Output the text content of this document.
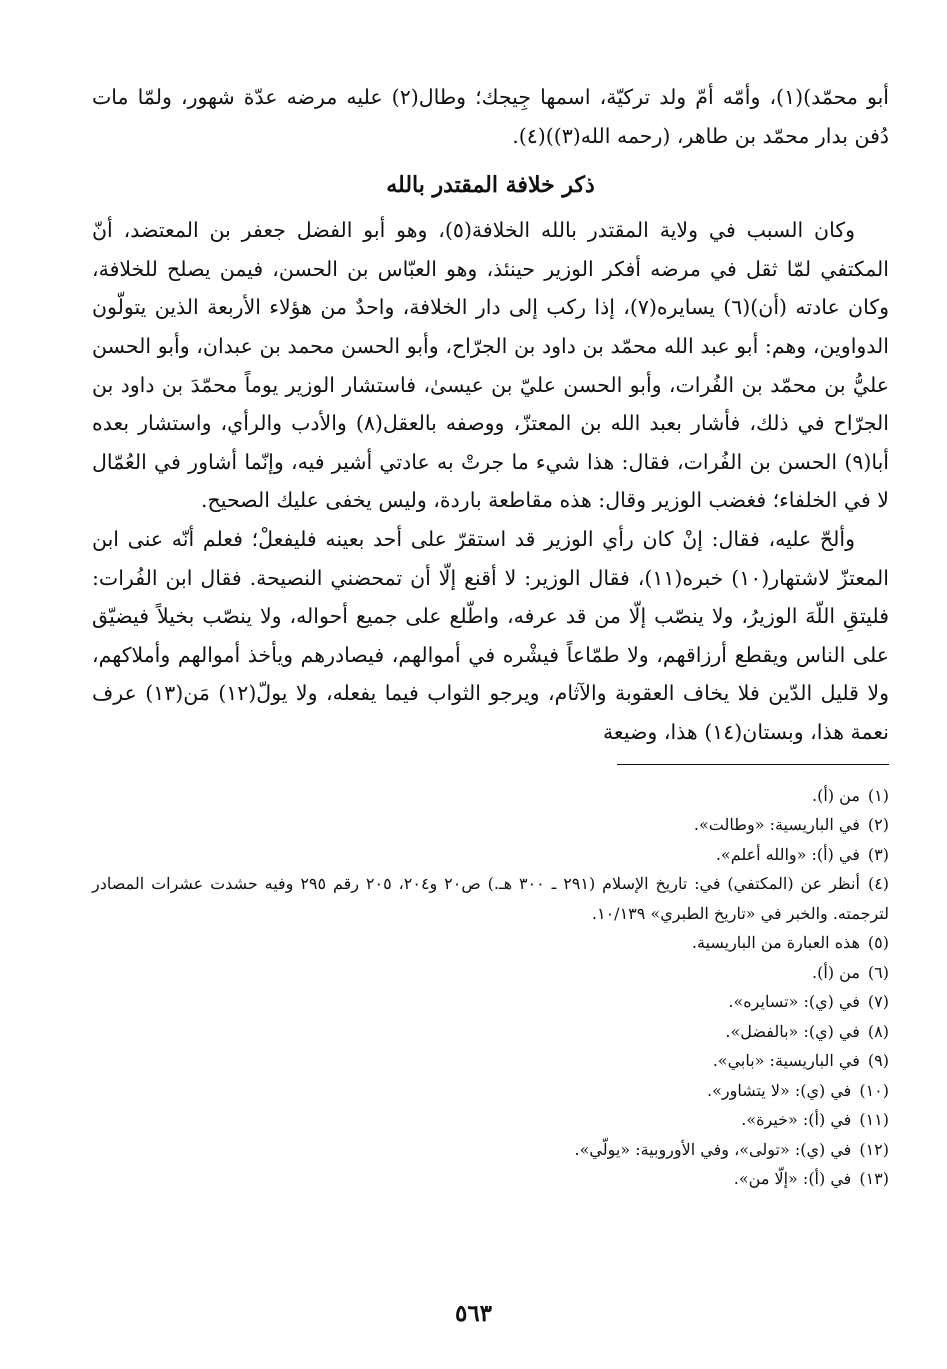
أبو محمّد)(١)، وأمّه أمّ ولد تركيّة، اسمها جِيجك؛ وطال(٢) عليه مرضه عدّة شهور، ولمّا مات دُفن بدار محمّد بن طاهر، (رحمه الله(٣))(٤).

ذكر خلافة المقتدر بالله

وكان السبب في ولاية المقتدر بالله الخلافة(٥)، وهو أبو الفضل جعفر بن المعتضد، أنّ المكتفي لمّا ثقل في مرضه أفكر الوزير حينئذ، وهو العبّاس بن الحسن، فيمن يصلح للخلافة، وكان عادته (أن)(٦) يسايره(٧)، إذا ركب إلى دار الخلافة، واحدٌ من هؤلاء الأربعة الذين يتولّون الدواوين، وهم: أبو عبد الله محمّد بن داود بن الجرّاح، وأبو الحسن محمد بن عبدان، وأبو الحسن عليُّ بن محمّد بن الفُرات، وأبو الحسن عليّ بن عيسىٰ، فاستشار الوزير يوماً محمّدَ بن داود بن الجرّاح في ذلك، فأشار بعبد الله بن المعتزّ، ووصفه بالعقل(٨) والأدب والرأي، واستشار بعده أبا(٩) الحسن بن الفُرات، فقال: هذا شيء ما جرتْ به عادتي أشير فيه، وإنّما أشاور في العُمّال لا في الخلفاء؛ فغضب الوزير وقال: هذه مقاطعة باردة، وليس يخفى عليك الصحيح.

وألحّ عليه، فقال: إنْ كان رأي الوزير قد استقرّ على أحد بعينه فليفعلْ؛ فعلم أنّه عنى ابن المعتزّ لاشتهار(١٠) خبره(١١)، فقال الوزير: لا أقنع إلّا أن تمحضني النصيحة. فقال ابن الفُرات: فليتقِ اللّهَ الوزيرُ، ولا ينصّب إلّا من قد عرفه، واطّلع على جميع أحواله، ولا ينصّب بخيلاً فيضيّق على الناس ويقطع أرزاقهم، ولا طمّاعاً فيشْره في أموالهم، فيصادرهم ويأخذ أموالهم وأملاكهم، ولا قليل الدّين فلا يخاف العقوبة والآثام، ويرجو الثواب فيما يفعله، ولا يولّ(١٢) مَن(١٣) عرف نعمة هذا، وبستان(١٤) هذا، وضيعة

(١)من (أ).
(٢)في الباريسية: «وطالت».
(٣)في (أ): «والله أعلم».
(٤)أنظر عن (المكتفي) في: تاريخ الإسلام (٢٩١ ـ ٣٠٠ هـ.) ص٢٠ و٢٠٤، ٢٠٥ رقم ٢٩٥ وفيه حشدت عشرات المصادر لترجمته. والخبر في «تاريخ الطبري» ١٠/١٣٩.
(٥)هذه العبارة من الباريسية.
(٦)من (أ).
(٧)في (ي): «تسايره».
(٨)في (ي): «بالفضل».
(٩)في الباريسية: «بابي».
(١٠)في (ي): «لا يتشاور».
(١١)في (أ): «خيرة».
(١٢)في (ي): «تولى»، وفي الأوروبية: «يولّي».
(١٣)في (أ): «إلّا من».
٥٦٣
